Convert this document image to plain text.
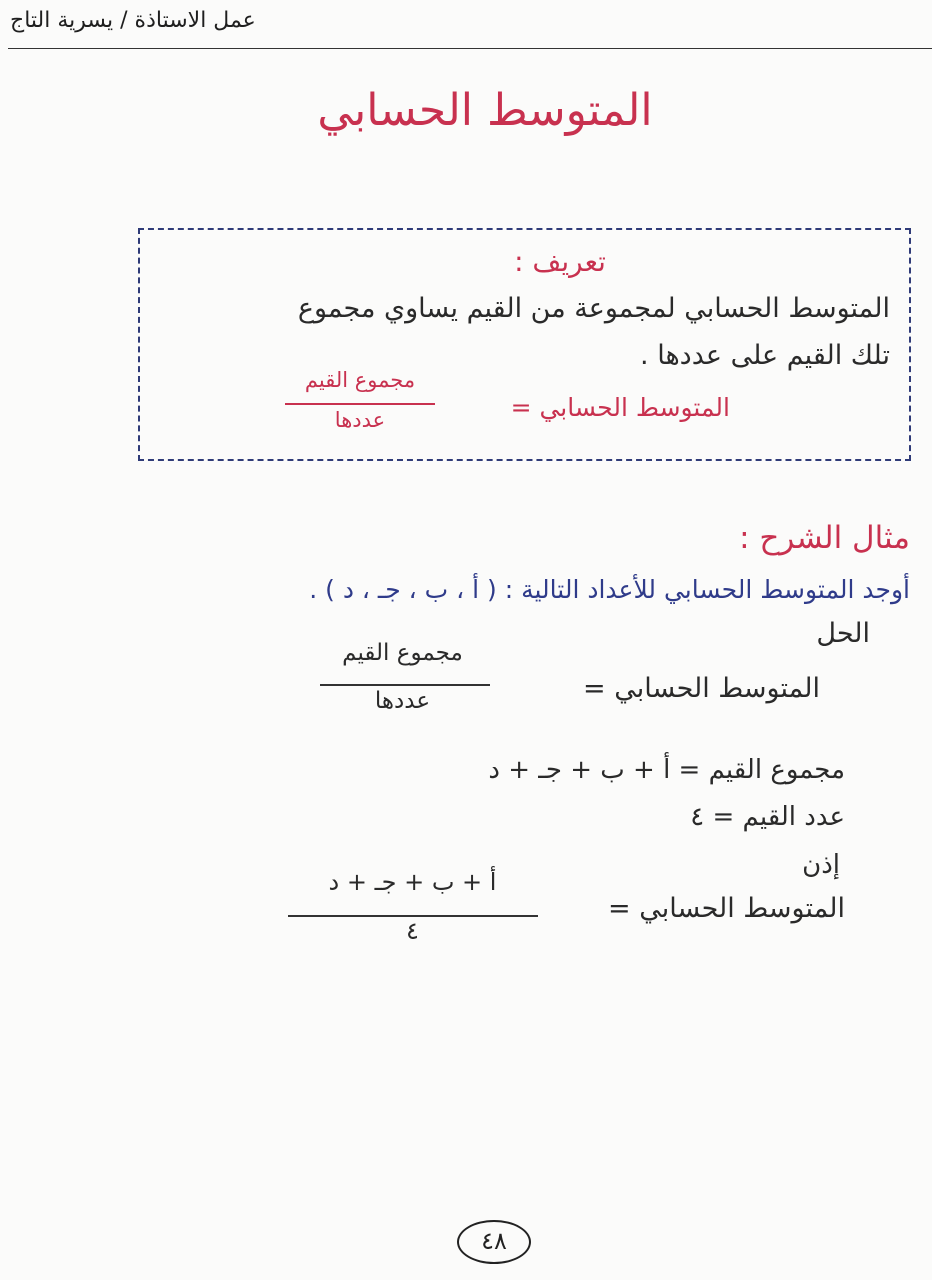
عمل الاستاذة / يسرية التاج
المتوسط الحسابي
تعريف :
المتوسط الحسابي لمجموعة من القيم يساوي مجموع
تلك القيم على عددها .
المتوسط الحسابي =
مجموع القيم
عددها
مثال الشرح :
أوجد المتوسط الحسابي للأعداد التالية : ( أ ، ب ، جـ ، د ) .
الحل
المتوسط الحسابي =
مجموع القيم
عددها
مجموع القيم = أ + ب + جـ + د
عدد القيم = ٤
إذن
المتوسط الحسابي =
أ + ب + جـ + د
٤
٤٨
